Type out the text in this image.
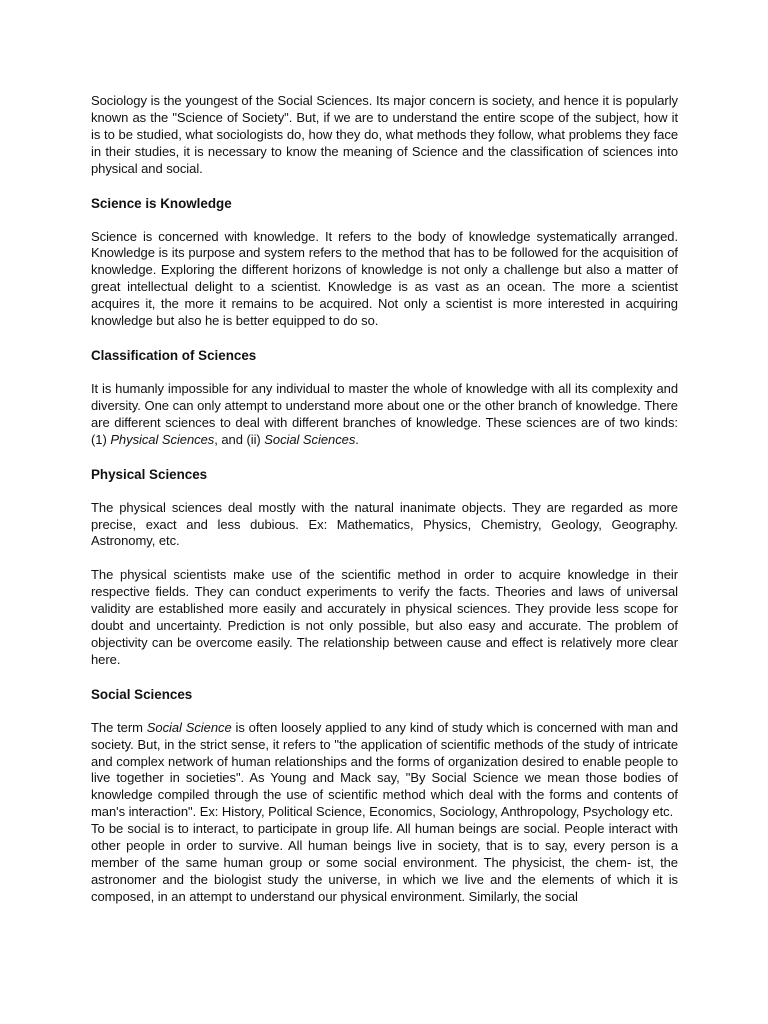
Sociology is the youngest of the Social Sciences. Its major concern is society, and hence it is popularly known as the "Science of Society". But, if we are to understand the entire scope of the subject, how it is to be studied, what sociologists do, how they do, what methods they follow, what problems they face in their studies, it is necessary to know the meaning of Science and the classification of sciences into physical and social.

Science is Knowledge

Science is concerned with knowledge. It refers to the body of knowledge systematically arranged. Knowledge is its purpose and system refers to the method that has to be followed for the acquisition of knowledge. Exploring the different horizons of knowledge is not only a challenge but also a matter of great intellectual delight to a scientist. Knowledge is as vast as an ocean. The more a scientist acquires it, the more it remains to be acquired. Not only a scientist is more interested in acquiring knowledge but also he is better equipped to do so.

Classification of Sciences

It is humanly impossible for any individual to master the whole of knowledge with all its complexity and diversity. One can only attempt to understand more about one or the other branch of knowledge. There are different sciences to deal with different branches of knowledge. These sciences are of two kinds: (1) Physical Sciences, and (ii) Social Sciences.

Physical Sciences

The physical sciences deal mostly with the natural inanimate objects. They are regarded as more precise, exact and less dubious. Ex: Mathematics, Physics, Chemistry, Geology, Geography. Astronomy, etc.

The physical scientists make use of the scientific method in order to acquire knowledge in their respective fields. They can conduct experiments to verify the facts. Theories and laws of universal validity are established more easily and accurately in physical sciences. They provide less scope for doubt and uncertainty. Prediction is not only possible, but also easy and accurate. The problem of objectivity can be overcome easily. The relationship between cause and effect is relatively more clear here.

Social Sciences

The term Social Science is often loosely applied to any kind of study which is concerned with man and society. But, in the strict sense, it refers to "the application of scientific methods of the study of intricate and complex network of human relationships and the forms of organization desired to enable people to live together in societies". As Young and Mack say, "By Social Science we mean those bodies of knowledge compiled through the use of scientific method which deal with the forms and contents of man's interaction". Ex: History, Political Science, Economics, Sociology, Anthropology, Psychology etc.

To be social is to interact, to participate in group life. All human beings are social. People interact with other people in order to survive. All human beings live in society, that is to say, every person is a member of the same human group or some social environment. The physicist, the chem- ist, the astronomer and the biologist study the universe, in which we live and the elements of which it is composed, in an attempt to understand our physical environment. Similarly, the social
